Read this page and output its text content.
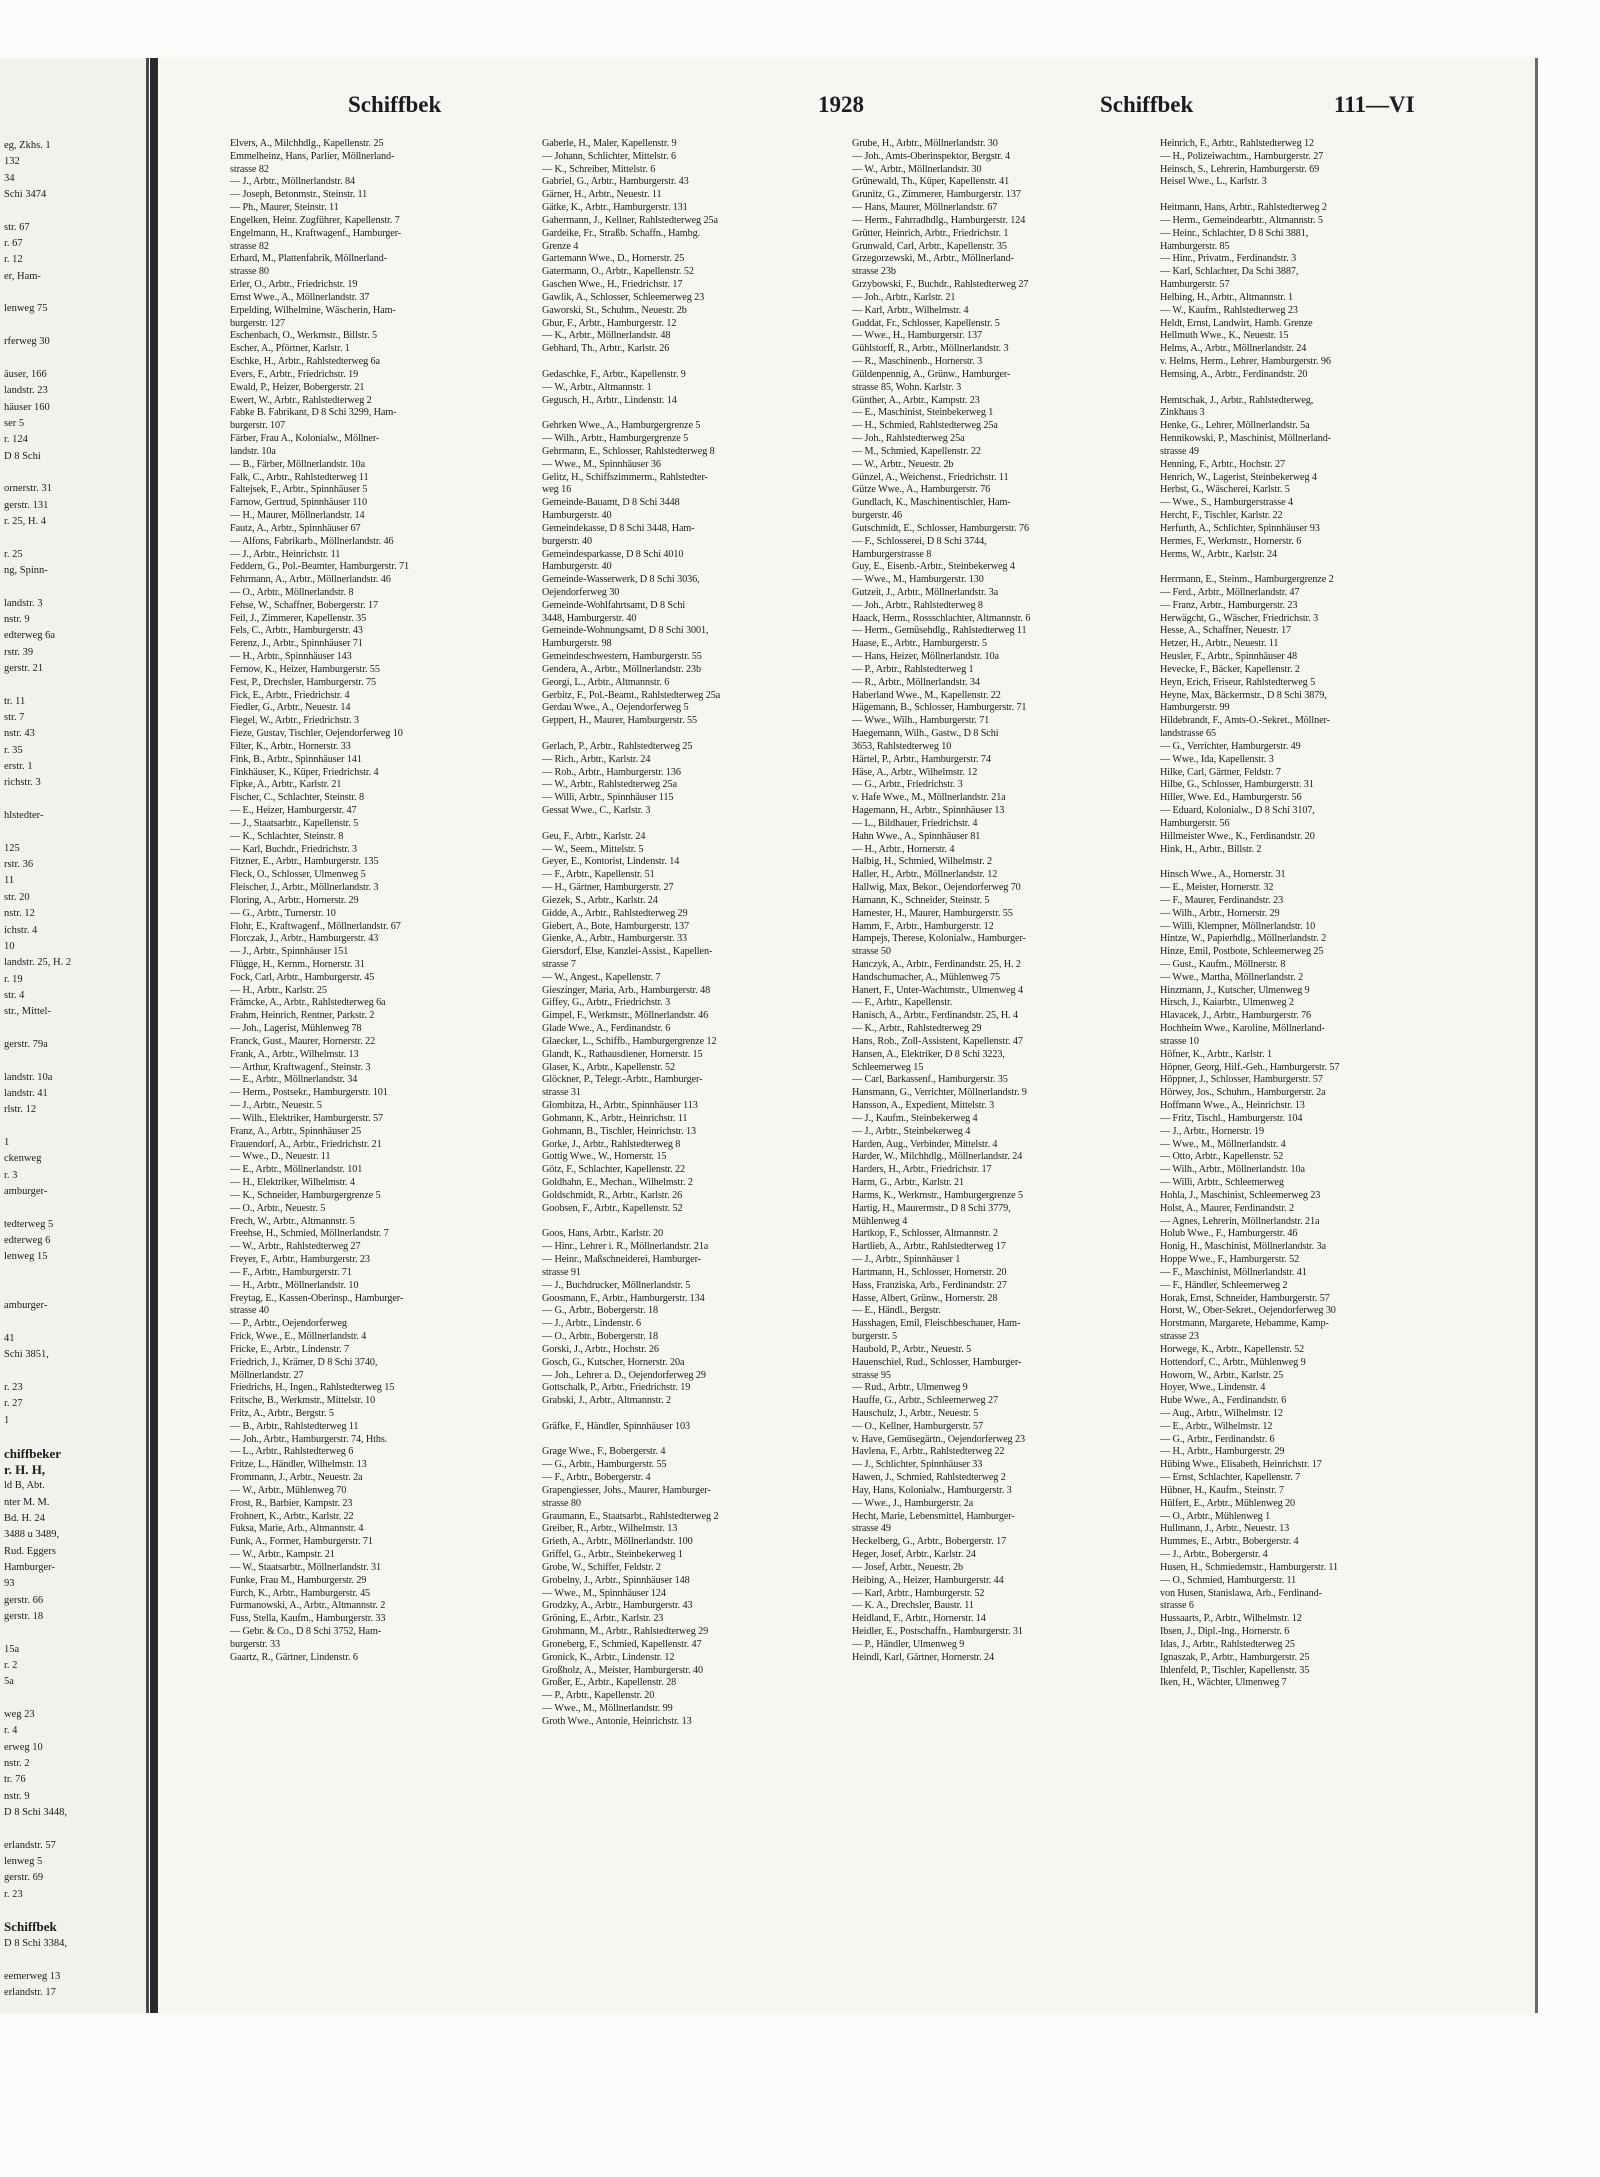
eg, Zkhs. 1
132
34
Schi 3474

str. 67
r. 67
r. 12
er, Ham-

lenweg 75

rferweg 30

äuser, 166
landstr. 23
häuser 160
ser 5
r. 124
D 8 Schi

ornerstr. 31
gerstr. 131
r. 25, H. 4

r. 25
ng, Spinn-

landstr. 3
nstr. 9
edterweg 6a
rstr. 39
gerstr. 21

tr. 11
str. 7
nstr. 43
r. 35
erstr. 1
richstr. 3

hlstedter-

125
rstr. 36
11
str. 20
nstr. 12
ichstr. 4
10
landstr. 25, H. 2
r. 19
str. 4
str., Mittel-

gerstr. 79a

landstr. 10a
landstr. 41
rlstr. 12

1
ckenweg
r. 3
amburger-

tedterweg 5
edterweg 6
lenweg 15

amburger-

41
Schi 3851,

r. 23
r. 27
1

chiffbeker
r. H. H,
ld B, Abt.
nter M. M.
Bd. H. 24
3488 u 3489,
Rud. Eggers
Hamburger-
93
gerstr. 66
gerstr. 18

15a
r. 2
5a

weg 23
r. 4
erweg 10
nstr. 2
tr. 76
nstr. 9
D 8 Schi 3448,

erlandstr. 57
lenweg 5
gerstr. 69
r. 23

Schiffbek
D 8 Schi 3384,

eemerweg 13
erlandstr. 17
Schiffbek	1928	Schiffbek	111—VI
Elvers, A., Milchhdlg., Kapellenstr. 25
Emmelheinz, Hans, Parlier, Möllnerland-
strasse 82
— J., Arbtr., Möllnerlandstr. 84
— Joseph, Betonmstr., Steinstr. 11
— Ph., Maurer, Steinstr. 11
Engelken, Heinr. Zugführer, Kapellenstr. 7
Engelmann, H., Kraftwagenf., Hamburger-
strasse 82
Erhard, M., Plattenfabrik, Möllnerland-
strasse 80
Erler, O., Arbtr., Friedrichstr. 19
Ernst Wwe., A., Möllnerlandstr. 37
Erpelding, Wilhelmine, Wäscherin, Ham-
burgerstr. 127
Eschenbach, O., Werkmstr., Billstr. 5
Escher, A., Pförtner, Karlstr. 1
Eschke, H., Arbtr., Rahlstedterweg 6a
Evers, F., Arbtr., Friedrichstr. 19
Ewald, P., Heizer, Bobergerstr. 21
Ewert, W., Arbtr., Rahlstedterweg 2
Fabke B. Fabrikant, D 8 Schi 3299, Ham-
burgerstr. 107
Färber, Frau A., Kolonialw., Möllner-
landstr. 10a
— B., Färber, Möllnerlandstr. 10a
Falk, C., Arbtr., Rahlstedterweg 11
Faltejsek, F., Arbtr., Spinnhäuser 5
Farnow, Gertrud, Spinnhäuser 110
— H., Maurer, Möllnerlandstr. 14
Fautz, A., Arbtr., Spinnhäuser 67
— Alfons, Fabrikarb., Möllnerlandstr. 46
— J., Arbtr., Heinrichstr. 11
Feddern, G., Pol.-Beamter, Hamburgerstr. 71
Fehrmann, A., Arbtr., Möllnerlandstr. 46
— O., Arbtr., Möllnerlandstr. 8
Fehse, W., Schaffner, Bobergerstr. 17
Feil, J., Zimmerer, Kapellenstr. 35
Fels, C., Arbtr., Hamburgerstr. 43
Ferenz, J., Arbtr., Spinnhäuser 71
— H., Arbtr., Spinnhäuser 143
Fernow, K., Heizer, Hamburgerstr. 55
Fest, P., Drechsler, Hamburgerstr. 75
Fick, E., Arbtr., Friedrichstr. 4
Fiedler, G., Arbtr., Neuestr. 14
Fiegel, W., Arbtr., Friedrichstr. 3
Fieze, Gustav, Tischler, Oejendorferweg 10
Filter, K., Arbtr., Hornerstr. 33
Fink, B., Arbtr., Spinnhäuser 141
Finkhäuser, K., Küper, Friedrichstr. 4
Fipke, A., Arbtr., Karlstr. 21
Fischer, C., Schlachter, Steinstr. 8
— E., Heizer, Hamburgerstr. 47
— J., Staatsarbtr., Kapellenstr. 5
— K., Schlachter, Steinstr. 8
— Karl, Buchdr., Friedrichstr. 3
Fitzner, E., Arbtr., Hamburgerstr. 135
Fleck, O., Schlosser, Ulmenweg 5
Fleischer, J., Arbtr., Möllnerlandstr. 3
Floring, A., Arbtr., Hornerstr. 29
— G., Arbtr., Turnerstr. 10
Flohr, E., Kraftwagenf., Möllnerlandstr. 67
Florczak, J., Arbtr., Hamburgerstr. 43
— J., Arbtr., Spinnhäuser 151
Flügge, H., Kernm., Hornerstr. 31
Fock, Carl, Arbtr., Hamburgerstr. 45
— H., Arbtr., Karlstr. 25
Främcke, A., Arbtr., Rahlstedterweg 6a
Frahm, Heinrich, Rentner, Parkstr. 2
— Joh., Lagerist, Mühlenweg 78
Franck, Gust., Maurer, Hornerstr. 22
Frank, A., Arbtr., Wilhelmstr. 13
— Arthur, Kraftwagenf., Steinstr. 3
— E., Arbtr., Möllnerlandstr. 34
— Herm., Postsekr., Hamburgerstr. 101
— J., Arbtr., Neuestr. 5
— Wilh., Elektriker, Hamburgerstr. 57
Franz, A., Arbtr., Spinnhäuser 25
Frauendorf, A., Arbtr., Friedrichstr. 21
— Wwe., D., Neuestr. 11
— E., Arbtr., Möllnerlandstr. 101
— H., Elektriker, Wilhelmstr. 4
— K., Schneider, Hamburgergrenze 5
— O., Arbtr., Neuestr. 5
Frech, W., Arbtr., Altmannstr. 5
Freehse, H., Schmied, Möllnerlandstr. 7
— W., Arbtr., Rahlstedterweg 27
Freyer, F., Arbtr., Hamburgerstr. 23
— F., Arbtr., Hamburgerstr. 71
— H., Arbtr., Möllnerlandstr. 10
Freytag, E., Kassen-Oberinsp., Hamburger-
strasse 40
— P., Arbtr., Oejendorferweg
Frick, Wwe., E., Möllnerlandstr. 4
Fricke, E., Arbtr., Lindenstr. 7
Friedrich, J., Krämer, D 8 Schi 3740,
Möllnerlandstr. 27
Friedrichs, H., Ingen., Rahlstedterweg 15
Fritsche, B., Werkmstr., Mittelstr. 10
Fritz, A., Arbtr., Bergstr. 5
— B., Arbtr., Rahlstedterweg 11
— Joh., Arbtr., Hamburgerstr. 74, Hths.
— L., Arbtr., Rahlstedterweg 6
Fritze, L., Händler, Wilhelmstr. 13
Frommann, J., Arbtr., Neuestr. 2a
— W., Arbtr., Mühlenweg 70
Frost, R., Barbier, Kampstr. 23
Frohnert, K., Arbtr., Karlstr. 22
Fuksa, Marie, Arb., Altmannstr. 4
Funk, A., Former, Hamburgerstr. 71
— W., Arbtr., Kampstr. 21
— W., Staatsarbtr., Möllnerlandstr. 31
Funke, Frau M., Hamburgerstr. 29
Furch, K., Arbtr., Hamburgerstr. 45
Furmanowski, A., Arbtr., Altmannstr. 2
Fuss, Stella, Kaufm., Hamburgerstr. 33
— Gebr. & Co., D 8 Schi 3752, Ham-
burgerstr. 33
Gaartz, R., Gärtner, Lindenstr. 6
Gaberle, H., Maler, Kapellenstr. 9
— Johann, Schlichter, Mittelstr. 6
— K., Schreiber, Mittelstr. 6
Gabriel, G., Arbtr., Hamburgerstr. 43
Gärner, H., Arbtr., Neuestr. 11
Gätke, K., Arbtr., Hamburgerstr. 131
Gahermann, J., Kellner, Rahlstedterweg 25a
Gardeike, Fr., Straßb. Schaffn., Hambg.
Grenze 4
Gartemann Wwe., D., Hornerstr. 25
Gatermann, O., Arbtr., Kapellenstr. 52
Gaschen Wwe., H., Friedrichstr. 17
Gawlik, A., Schlosser, Schleemerweg 23
Gaworski, St., Schuhm., Neuestr. 2b
Gbur, F., Arbtr., Hamburgerstr. 12
— K., Arbtr., Möllnerlandstr. 48
Gebhard, Th., Arbtr., Karlstr. 26

Gedaschke, F., Arbtr., Kapellenstr. 9
— W., Arbtr., Altmannstr. 1
Gegusch, H., Arbtr., Lindenstr. 14

Gehrken Wwe., A., Hamburgergrenze 5
— Wilh., Arbtr., Hamburgergrenze 5
Gehrmann, E., Schlosser, Rahlstedterweg 8
— Wwe., M., Spinnhäuser 36
Gelitz, H., Schiffszimmerm., Rahlstedter-
weg 16
Gemeinde-Bauamt, D 8 Schi 3448
Hamburgerstr. 40
Gemeindekasse, D 8 Schi 3448, Ham-
burgerstr. 40
Gemeindesparkasse, D 8 Schi 4010
Hamburgerstr. 40
Gemeinde-Wasserwerk, D 8 Schi 3036,
Oejendorferweg 30
Gemeinde-Wohlfahrtsamt, D 8 Schi
3448, Hamburgerstr. 40
Gemeinde-Wohnungsamt, D 8 Schi 3001,
Hamburgerstr. 98
Gemeindeschwestern, Hamburgerstr. 55
Gendera, A., Arbtr., Möllnerlandstr. 23b
Georgi, L., Arbtr., Altmannstr. 6
Gerbitz, F., Pol.-Beamt., Rahlstedterweg 25a
Gerdau Wwe., A., Oejendorferweg 5
Geppert, H., Maurer, Hamburgerstr. 55

Gerlach, P., Arbtr., Rahlstedterweg 25
— Rich., Arbtr., Karlstr. 24
— Rob., Arbtr., Hamburgerstr. 136
— W., Arbtr., Rahlstedterweg 25a
— Willi, Arbtr., Spinnhäuser 115
Gessat Wwe., C., Karlstr. 3

Geu, F., Arbtr., Karlstr. 24
— W., Seem., Mittelstr. 5
Geyer, E., Kontorist, Lindenstr. 14
— F., Arbtr., Kapellenstr. 51
— H., Gärtner, Hamburgerstr. 27
Giezek, S., Arbtr., Karlstr. 24
Gidde, A., Arbtr., Rahlstedterweg 29
Giebert, A., Bote, Hamburgerstr. 137
Gienke, A., Arbtr., Hamburgerstr. 33
Giersdorf, Else, Kanzlei-Assist., Kapellen-
strasse 7
— W., Angest., Kapellenstr. 7
Gieszinger, Maria, Arb., Hamburgerstr. 48
Giffey, G., Arbtr., Friedrichstr. 3
Gimpel, F., Werkmstr., Möllnerlandstr. 46
Glade Wwe., A., Ferdinandstr. 6
Glaecker, L., Schiffb., Hamburgergrenze 12
Glandt, K., Rathausdiener, Hornerstr. 15
Glaser, K., Arbtr., Kapellenstr. 52
Glöckner, P., Telegr.-Arbtr., Hamburger-
strasse 31
Glombitza, H., Arbtr., Spinnhäuser 113
Gohmann, K., Arbtr., Heinrichstr. 11
Gohmann, B., Tischler, Heinrichstr. 13
Gorke, J., Arbtr., Rahlstedterweg 8
Gottig Wwe., W., Hornerstr. 15
Götz, F., Schlachter, Kapellenstr. 22
Goldhahn, E., Mechan., Wilhelmstr. 2
Goldschmidt, R., Arbtr., Karlstr. 26
Goobsen, F., Arbtr., Kapellenstr. 52

Goos, Hans, Arbtr., Karlstr. 20
— Hinr., Lehrer i. R., Möllnerlandstr. 21a
— Heinr., Maßschneiderei, Hamburger-
strasse 91
— J., Buchdrucker, Möllnerlandstr. 5
Goosmann, F., Arbtr., Hamburgerstr. 134
— G., Arbtr., Bobergerstr. 18
— J., Arbtr., Lindenstr. 6
— O., Arbtr., Bobergerstr. 18
Gorski, J., Arbtr., Hochstr. 26
Gosch, G., Kutscher, Hornerstr. 20a
— Joh., Lehrer a. D., Oejendorferweg 29
Gottschalk, P., Arbtr., Friedrichstr. 19
Grabski, J., Arbtr., Altmannstr. 2

Gräfke, F., Händler, Spinnhäuser 103

Grage Wwe., F., Bobergerstr. 4
— G., Arbtr., Hamburgerstr. 55
— F., Arbtr., Bobergerstr. 4
Grapengiesser, Johs., Maurer, Hamburger-
strasse 80
Graumann, E., Staatsarbt., Rahlstedterweg 2
Greiber, R., Arbtr., Wilhelmstr. 13
Grieth, A., Arbtr., Möllnerlandstr. 100
Griffel, G., Arbtr., Steinbekerweg 1
Grobe, W., Schiffer, Feldstr. 2
Grobelny, J., Arbtr., Spinnhäuser 148
— Wwe., M., Spinnhäuser 124
Grodzky, A., Arbtr., Hamburgerstr. 43
Gröning, E., Arbtr., Karlstr. 23
Grohmann, M., Arbtr., Rahlstedterweg 29
Groneberg, F., Schmied, Kapellenstr. 47
Gronick, K., Arbtr., Lindenstr. 12
Großholz, A., Meister, Hamburgerstr. 40
Großer, E., Arbtr., Kapellenstr. 28
— P., Arbtr., Kapellenstr. 20
— Wwe., M., Möllnerlandstr. 99
Groth Wwe., Antonie, Heinrichstr. 13
Grube, H., Arbtr., Möllnerlandstr. 30
— Joh., Amts-Oberinspektor, Bergstr. 4
— W., Arbtr., Möllnerlandstr. 30
Grünewald, Th., Küper, Kapellenstr. 41
Grunitz, G., Zimmerer, Hamburgerstr. 137
— Hans, Maurer, Möllnerlandstr. 67
— Herm., Fahrradhdlg., Hamburgerstr. 124
Grütter, Heinrich, Arbtr., Friedrichstr. 1
Grunwald, Carl, Arbtr., Kapellenstr. 35
Grzegorzewski, M., Arbtr., Möllnerland-
strasse 23b
Grzybowski, F., Buchdr., Rahlstedterweg 27
— Joh., Arbtr., Karlstr. 21
— Karl, Arbtr., Wilhelmstr. 4
Guddat, Fr., Schlosser, Kapellenstr. 5
— Wwe., H., Hamburgerstr. 137
Gühlstorff, R., Arbtr., Möllnerlandstr. 3
— R., Maschinenb., Hornerstr. 3
Güldenpennig, A., Grünw., Hamburger-
strasse 85, Wohn. Karlstr. 3
Günther, A., Arbtr., Kampstr. 23
— E., Maschinist, Steinbekerweg 1
— H., Schmied, Rahlstedterweg 25a
— Joh., Rahlstedterweg 25a
— M., Schmied, Kapellenstr. 22
— W., Arbtr., Neuestr. 2b
Günzel, A., Weichenst., Friedrichstr. 11
Gütze Wwe., A., Hamburgerstr. 76
Gundlach, K., Maschinentischler, Ham-
burgerstr. 46
Gutschmidt, E., Schlosser, Hamburgerstr. 76
— F., Schlosserei, D 8 Schi 3744,
Hamburgerstrasse 8
Guy, E., Eisenb.-Arbtr., Steinbekerweg 4
— Wwe., M., Hamburgerstr. 130
Gutzeit, J., Arbtr., Möllnerlandstr. 3a
— Joh., Arbtr., Rahlstedterweg 8
Haack, Herm., Rossschlachter, Altmannstr. 6
— Herm., Gemüsehdlg., Rahlstedterweg 11
Haase, E., Arbtr., Hamburgerstr. 5
— Hans, Heizer, Möllnerlandstr. 10a
— P., Arbtr., Rahlstedterweg 1
— R., Arbtr., Möllnerlandstr. 34
Haberland Wwe., M., Kapellenstr. 22
Hägemann, B., Schlosser, Hamburgerstr. 71
— Wwe., Wilh., Hamburgerstr. 71
Haegemann, Wilh., Gastw., D 8 Schi
3653, Rahlstedterweg 10
Härtel, P., Arbtr., Hamburgerstr. 74
Häse, A., Arbtr., Wilhelmstr. 12
— G., Arbtr., Friedrichstr. 3
v. Hafe Wwe., M., Möllnerlandstr. 21a
Hagemann, H., Arbtr., Spinnhäuser 13
— L., Bildhauer, Friedrichstr. 4
Hahn Wwe., A., Spinnhäuser 81
— H., Arbtr., Hornerstr. 4
Halbig, H., Schmied, Wilhelmstr. 2
Haller, H., Arbtr., Möllnerlandstr. 12
Hallwig, Max, Bekor., Oejendorferweg 70
Hamann, K., Schneider, Steinstr. 5
Hamester, H., Maurer, Hamburgerstr. 55
Hamm, F., Arbtr., Hamburgerstr. 12
Hampejs, Therese, Kolonialw., Hamburger-
strasse 50
Hanczyk, A., Arbtr., Ferdinandstr. 25, H. 2
Handschumacher, A., Mühlenweg 75
Hanert, F., Unter-Wachtmstr., Ulmenweg 4
— F., Arbtr., Kapellenstr.
Hanisch, A., Arbtr., Ferdinandstr. 25, H. 4
— K., Arbtr., Rahlstedterweg 29
Hans, Rob., Zoll-Assistent, Kapellenstr. 47
Hansen, A., Elektriker, D 8 Schi 3223,
Schleemerweg 15
— Carl, Barkassenf., Hamburgerstr. 35
Hansmann, G., Verrichter, Möllnerlandstr. 9
Hansson, A., Expedient, Mittelstr. 3
— J., Kaufm., Steinbekerweg 4
— J., Arbtr., Steinbekerweg 4
Harden, Aug., Verbinder, Mittelstr. 4
Harder, W., Milchhdlg., Möllnerlandstr. 24
Harders, H., Arbtr., Friedrichstr. 17
Harm, G., Arbtr., Karlstr. 21
Harms, K., Werkmstr., Hamburgergrenze 5
Hartig, H., Maurermstr., D 8 Schi 3779,
Mühlenweg 4
Hartkop, F., Schlosser, Altmannstr. 2
Hartlieb, A., Arbtr., Rahlstedterweg 17
— J., Arbtr., Spinnhäuser 1
Hartmann, H., Schlosser, Hornerstr. 20
Hass, Franziska, Arb., Ferdinandstr. 27
Hasse, Albert, Grünw., Hornerstr. 28
— E., Händl., Bergstr.
Hasshagen, Emil, Fleischbeschauer, Ham-
burgerstr. 5
Haubold, P., Arbtr., Neuestr. 5
Hauenschiel, Rud., Schlosser, Hamburger-
strasse 95
— Rud., Arbtr., Ulmenweg 9
Hauffe, G., Arbtr., Schleemerweg 27
Hauschulz, J., Arbtr., Neuestr. 5
— O., Kellner, Hamburgerstr. 57
v. Have, Gemüsegärtn., Oejendorferweg 23
Havlena, F., Arbtr., Rahlstedterweg 22
— J., Schlichter, Spinnhäuser 33
Hawen, J., Schmied, Rahlstedterweg 2
Hay, Hans, Kolonialw., Hamburgerstr. 3
— Wwe., J., Hamburgerstr. 2a
Hecht, Marie, Lebensmittel, Hamburger-
strasse 49
Heckelberg, G., Arbtr., Bobergerstr. 17
Heger, Josef, Arbtr., Karlstr. 24
— Josef, Arbtr., Neuestr. 2b
Heibing, A., Heizer, Hamburgerstr. 44
— Karl, Arbtr., Hamburgerstr. 52
— K. A., Drechsler, Baustr. 11
Heidland, F., Arbtr., Hornerstr. 14
Heidler, E., Postschaffn., Hamburgerstr. 31
— P., Händler, Ulmenweg 9
Heindl, Karl, Gärtner, Hornerstr. 24
Heinrich, F., Arbtr., Rahlstedterweg 12
— H., Polizeiwachtm., Hamburgerstr. 27
Heinsch, S., Lehrerin, Hamburgerstr. 69
Heisel Wwe., L., Karlstr. 3

Heitmann, Hans, Arbtr., Rahlstedterweg 2
— Herm., Gemeindearbtr., Altmannstr. 5
— Heinr., Schlachter, D 8 Schi 3881,
Hamburgerstr. 85
— Hinr., Privatm., Ferdinandstr. 3
— Karl, Schlachter, Da Schi 3887,
Hamburgerstr. 57
Helbing, H., Arbtr., Altmannstr. 1
— W., Kaufm., Rahlstedterweg 23
Heldt, Ernst, Landwirt, Hamb. Grenze
Hellmuth Wwe., K., Neuestr. 15
Helms, A., Arbtr., Möllnerlandstr. 24
v. Helms, Herm., Lehrer, Hamburgerstr. 96
Hemsing, A., Arbtr., Ferdinandstr. 20

Hemtschak, J., Arbtr., Rahlstedterweg,
Zinkhaus 3
Henke, G., Lehrer, Möllnerlandstr. 5a
Hennikowski, P., Maschinist, Möllnerland-
strasse 49
Henning, F., Arbtr., Hochstr. 27
Henrich, W., Lagerist, Steinbekerweg 4
Herbst, G., Wäscherei, Karlstr. 5
— Wwe., S., Hamburgerstrasse 4
Hercht, F., Tischler, Karlstr. 22
Herfurth, A., Schlichter, Spinnhäuser 93
Hermes, F., Werkmstr., Hornerstr. 6
Herms, W., Arbtr., Karlstr. 24

Herrmann, E., Steinm., Hamburgergrenze 2
— Ferd., Arbtr., Möllnerlandstr. 47
— Franz, Arbtr., Hamburgerstr. 23
Herwägcht, G., Wäscher, Friedrichstr. 3
Hesse, A., Schaffner, Neuestr. 17
Hetzer, H., Arbtr., Neuestr. 11
Heusler, F., Arbtr., Spinnhäuser 48
Hevecke, F., Bäcker, Kapellenstr. 2
Heyn, Erich, Friseur, Rahlstedterweg 5
Heyne, Max, Bäckermstr., D 8 Schi 3879,
Hamburgerstr. 99
Hildebrandt, F., Amts-O.-Sekret., Möllner-
landstrasse 65
— G., Verrichter, Hamburgerstr. 49
— Wwe., Ida, Kapellenstr. 3
Hilke, Carl, Gärtner, Feldstr. 7
Hilbe, G., Schlosser, Hamburgerstr. 31
Hiller, Wwe. Ed., Hamburgerstr. 56
— Eduard, Kolonialw., D 8 Schi 3107,
Hamburgerstr. 56
Hillmeister Wwe., K., Ferdinandstr. 20
Hink, H., Arbtr., Billstr. 2

Hinsch Wwe., A., Hornerstr. 31
— E., Meister, Hornerstr. 32
— F., Maurer, Ferdinandstr. 23
— Wilh., Arbtr., Hornerstr. 29
— Willi, Klempner, Möllnerlandstr. 10
Hintze, W., Papierhdlg., Möllnerlandstr. 2
Hinze, Emil, Postbote, Schleemerweg 25
— Gust., Kaufm., Möllnerstr. 8
— Wwe., Martha, Möllnerlandstr. 2
Hinzmann, J., Kutscher, Ulmenweg 9
Hirsch, J., Kaiarbtr., Ulmenweg 2
Hlavacek, J., Arbtr., Hamburgerstr. 76
Hochheim Wwe., Karoline, Möllnerland-
strasse 10
Höfner, K., Arbtr., Karlstr. 1
Höpner, Georg, Hilf.-Geh., Hamburgerstr. 57
Höppner, J., Schlosser, Hamburgerstr. 57
Hörwey, Jos., Schuhm., Hamburgerstr. 2a
Hoffmann Wwe., A., Heinrichstr. 13
— Fritz, Tischl., Hamburgerstr. 104
— J., Arbtr., Hornerstr. 19
— Wwe., M., Möllnerlandstr. 4
— Otto, Arbtr., Kapellenstr. 52
— Wilh., Arbtr., Möllnerlandstr. 10a
— Willi, Arbtr., Schleemerweg
Hohla, J., Maschinist, Schleemerweg 23
Holst, A., Maurer, Ferdinandstr. 2
— Agnes, Lehrerin, Möllnerlandstr. 21a
Holub Wwe., F., Hamburgerstr. 46
Honig, H., Maschinist, Möllnerlandstr. 3a
Hoppe Wwe., F., Hamburgerstr. 52
— F., Maschinist, Möllnerlandstr. 41
— F., Händler, Schleemerweg 2
Horak, Ernst, Schneider, Hamburgerstr. 57
Horst, W., Ober-Sekret., Oejendorferweg 30
Horstmann, Margarete, Hebamme, Kamp-
strasse 23
Horwege, K., Arbtr., Kapellenstr. 52
Hottendorf, C., Arbtr., Mühlenweg 9
Howorn, W., Arbtr., Karlstr. 25
Hoyer, Wwe., Lindenstr. 4
Hube Wwe., A., Ferdinandstr. 6
— Aug., Arbtr., Wilhelmstr. 12
— E., Arbtr., Wilhelmstr. 12
— G., Arbtr., Ferdinandstr. 6
— H., Arbtr., Hamburgerstr. 29
Hübing Wwe., Elisabeth, Heinrichstr. 17
— Ernst, Schlachter, Kapellenstr. 7
Hübner, H., Kaufm., Steinstr. 7
Hülfert, E., Arbtr., Mühlenweg 20
— O., Arbtr., Mühlenweg 1
Hullmann, J., Arbtr., Neuestr. 13
Hummes, E., Arbtr., Bobergerstr. 4
— J., Arbtr., Bobergerstr. 4
Husen, H., Schmiedemstr., Hamburgerstr. 11
— O., Schmied, Hamburgerstr. 11
von Husen, Stanislawa, Arb., Ferdinand-
strasse 6
Hussaarts, P., Arbtr., Wilhelmstr. 12
Ibsen, J., Dipl.-Ing., Hornerstr. 6
Idas, J., Arbtr., Rahlstedterweg 25
Ignaszak, P., Arbtr., Hamburgerstr. 25
Ihlenfeld, P., Tischler, Kapellenstr. 35
Iken, H., Wächter, Ulmenweg 7
